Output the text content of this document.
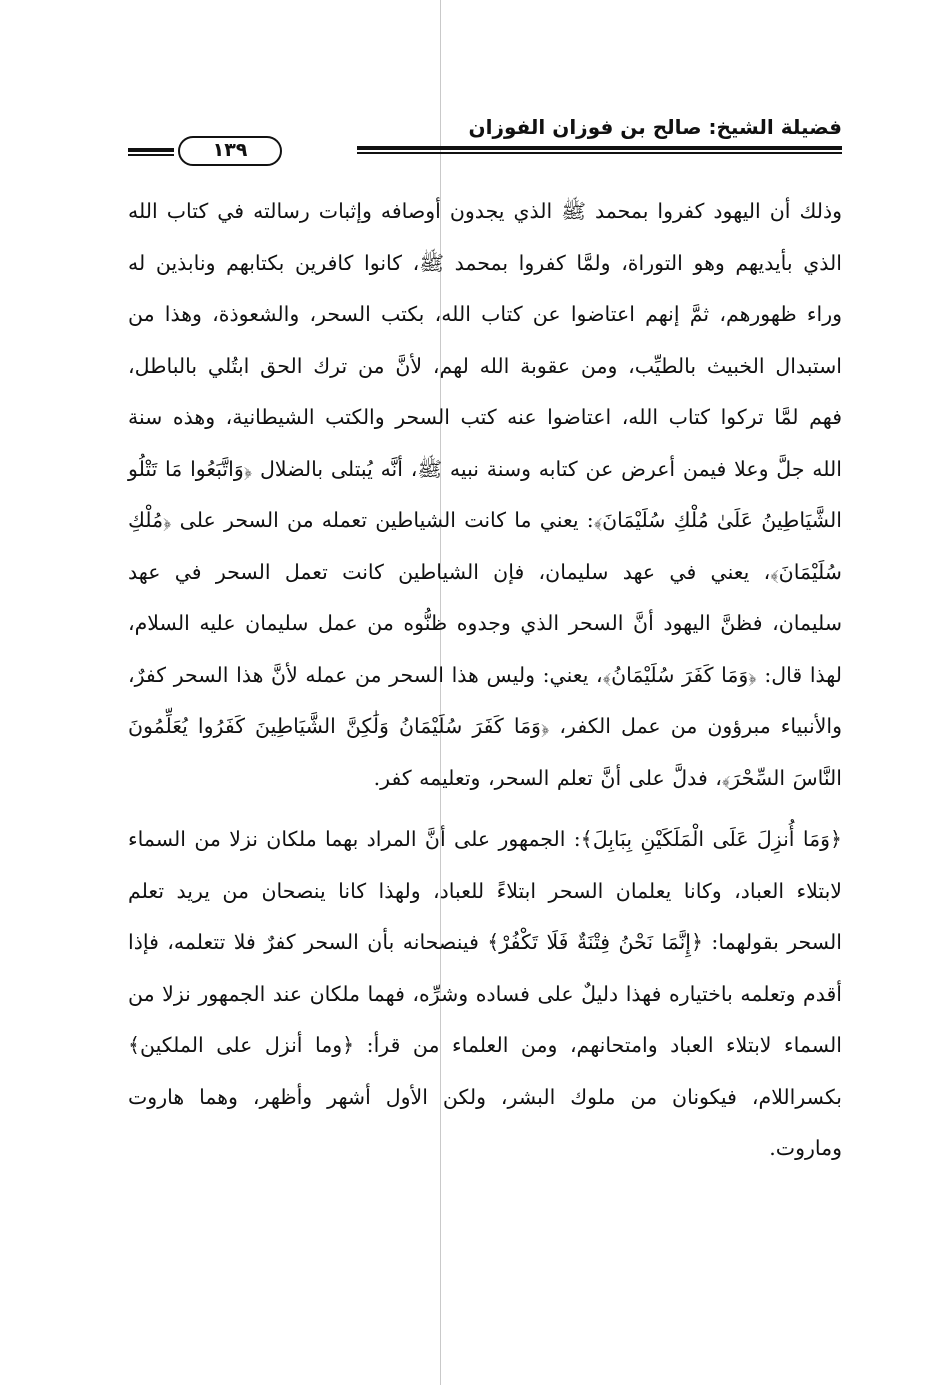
فضيلة الشيخ: صالح بن فوزان الفوزان
١٣٩

وذلك أن اليهود كفروا بمحمد ﷺ الذي يجدون أوصافه وإثبات رسالته في كتاب الله الذي بأيديهم وهو التوراة، ولمَّا كفروا بمحمد ﷺ، كانوا كافرين بكتابهم ونابذين له وراء ظهورهم، ثمَّ إنهم اعتاضوا عن كتاب الله، بكتب السحر، والشعوذة، وهذا من استبدال الخبيث بالطيِّب، ومن عقوبة الله لهم، لأنَّ من ترك الحق ابتُلي بالباطل، فهم لمَّا تركوا كتاب الله، اعتاضوا عنه كتب السحر والكتب الشيطانية، وهذه سنة الله جلَّ وعلا فيمن أعرض عن كتابه وسنة نبيه ﷺ، أنَّه يُبتلى بالضلال ﴿وَاتَّبَعُوا مَا تَتْلُو الشَّيَاطِينُ عَلَىٰ مُلْكِ سُلَيْمَانَ﴾: يعني ما كانت الشياطين تعمله من السحر على ﴿مُلْكِ سُلَيْمَانَ﴾، يعني في عهد سليمان، فإن الشياطين كانت تعمل السحر في عهد سليمان، فظنَّ اليهود أنَّ السحر الذي وجدوه ظنُّوه من عمل سليمان عليه السلام، لهذا قال: ﴿وَمَا كَفَرَ سُلَيْمَانُ﴾، يعني: وليس هذا السحر من عمله لأنَّ هذا السحر كفرٌ، والأنبياء مبرؤون من عمل الكفر، ﴿وَمَا كَفَرَ سُلَيْمَانُ وَلَٰكِنَّ الشَّيَاطِينَ كَفَرُوا يُعَلِّمُونَ النَّاسَ السِّحْرَ﴾، فدلَّ على أنَّ تعلم السحر، وتعليمه كفر.

﴿وَمَا أُنزِلَ عَلَى الْمَلَكَيْنِ بِبَابِلَ﴾: الجمهور على أنَّ المراد بهما ملكان نزلا من السماء لابتلاء العباد، وكانا يعلمان السحر ابتلاءً للعباد، ولهذا كانا ينصحان من يريد تعلم السحر بقولهما: ﴿إِنَّمَا نَحْنُ فِتْنَةٌ فَلَا تَكْفُرْ﴾ فينصحانه بأن السحر كفرٌ فلا تتعلمه، فإذا أقدم وتعلمه باختياره فهذا دليلٌ على فساده وشرِّه، فهما ملكان عند الجمهور نزلا من السماء لابتلاء العباد وامتحانهم، ومن العلماء من قرأ: ﴿وما أنزل على الملكين﴾ بكسراللام، فيكونان من ملوك البشر، ولكن الأول أشهر وأظهر، وهما هاروت وماروت.
